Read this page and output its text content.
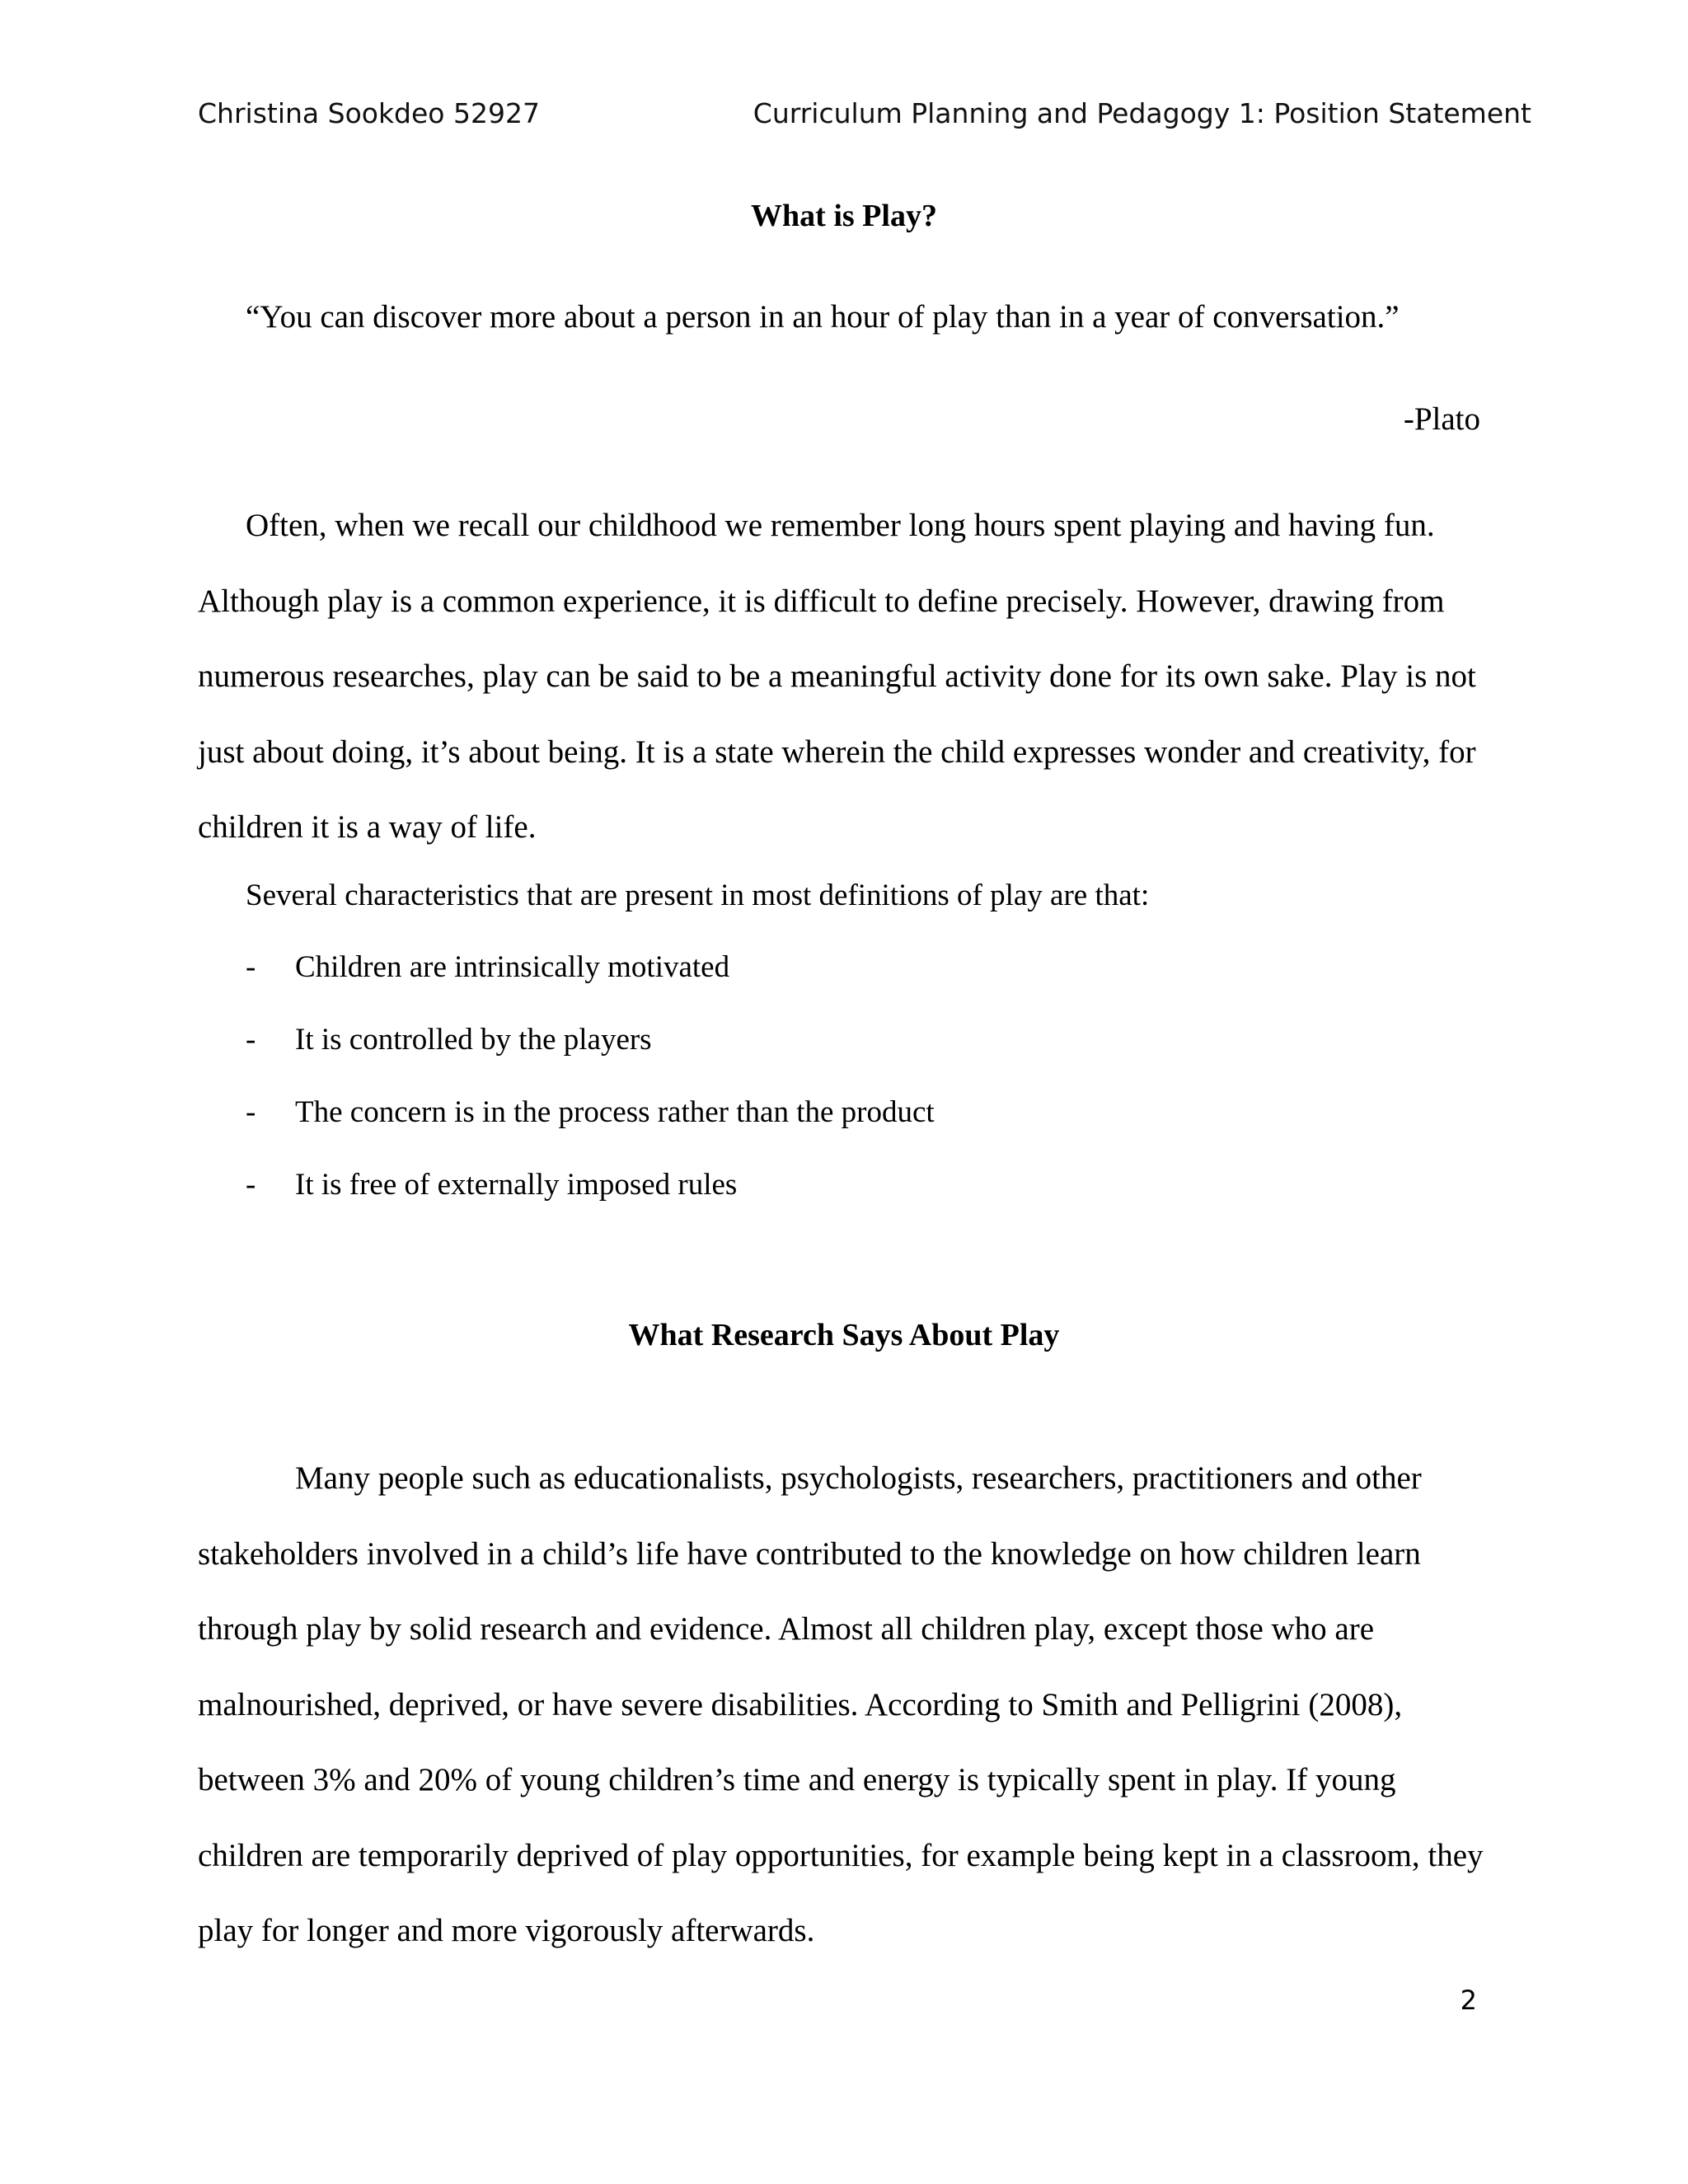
Christina Sookdeo 52927	Curriculum Planning and Pedagogy 1: Position Statement
What is Play?
“You can discover more about a person in an hour of play than in a year of conversation.”
-Plato

Often, when we recall our childhood we remember long hours spent playing and having fun. Although play is a common experience, it is difficult to define precisely. However, drawing from numerous researches, play can be said to be a meaningful activity done for its own sake. Play is not just about doing, it’s about being. It is a state wherein the child expresses wonder and creativity, for children it is a way of life.

Several characteristics that are present in most definitions of play are that:
- Children are intrinsically motivated
- It is controlled by the players
- The concern is in the process rather than the product
- It is free of externally imposed rules
What Research Says About Play

Many people such as educationalists, psychologists, researchers, practitioners and other stakeholders involved in a child’s life have contributed to the knowledge on how children learn through play by solid research and evidence. Almost all children play, except those who are malnourished, deprived, or have severe disabilities. According to Smith and Pelligrini (2008), between 3% and 20% of young children’s time and energy is typically spent in play. If young children are temporarily deprived of play opportunities, for example being kept in a classroom, they play for longer and more vigorously afterwards.

2
